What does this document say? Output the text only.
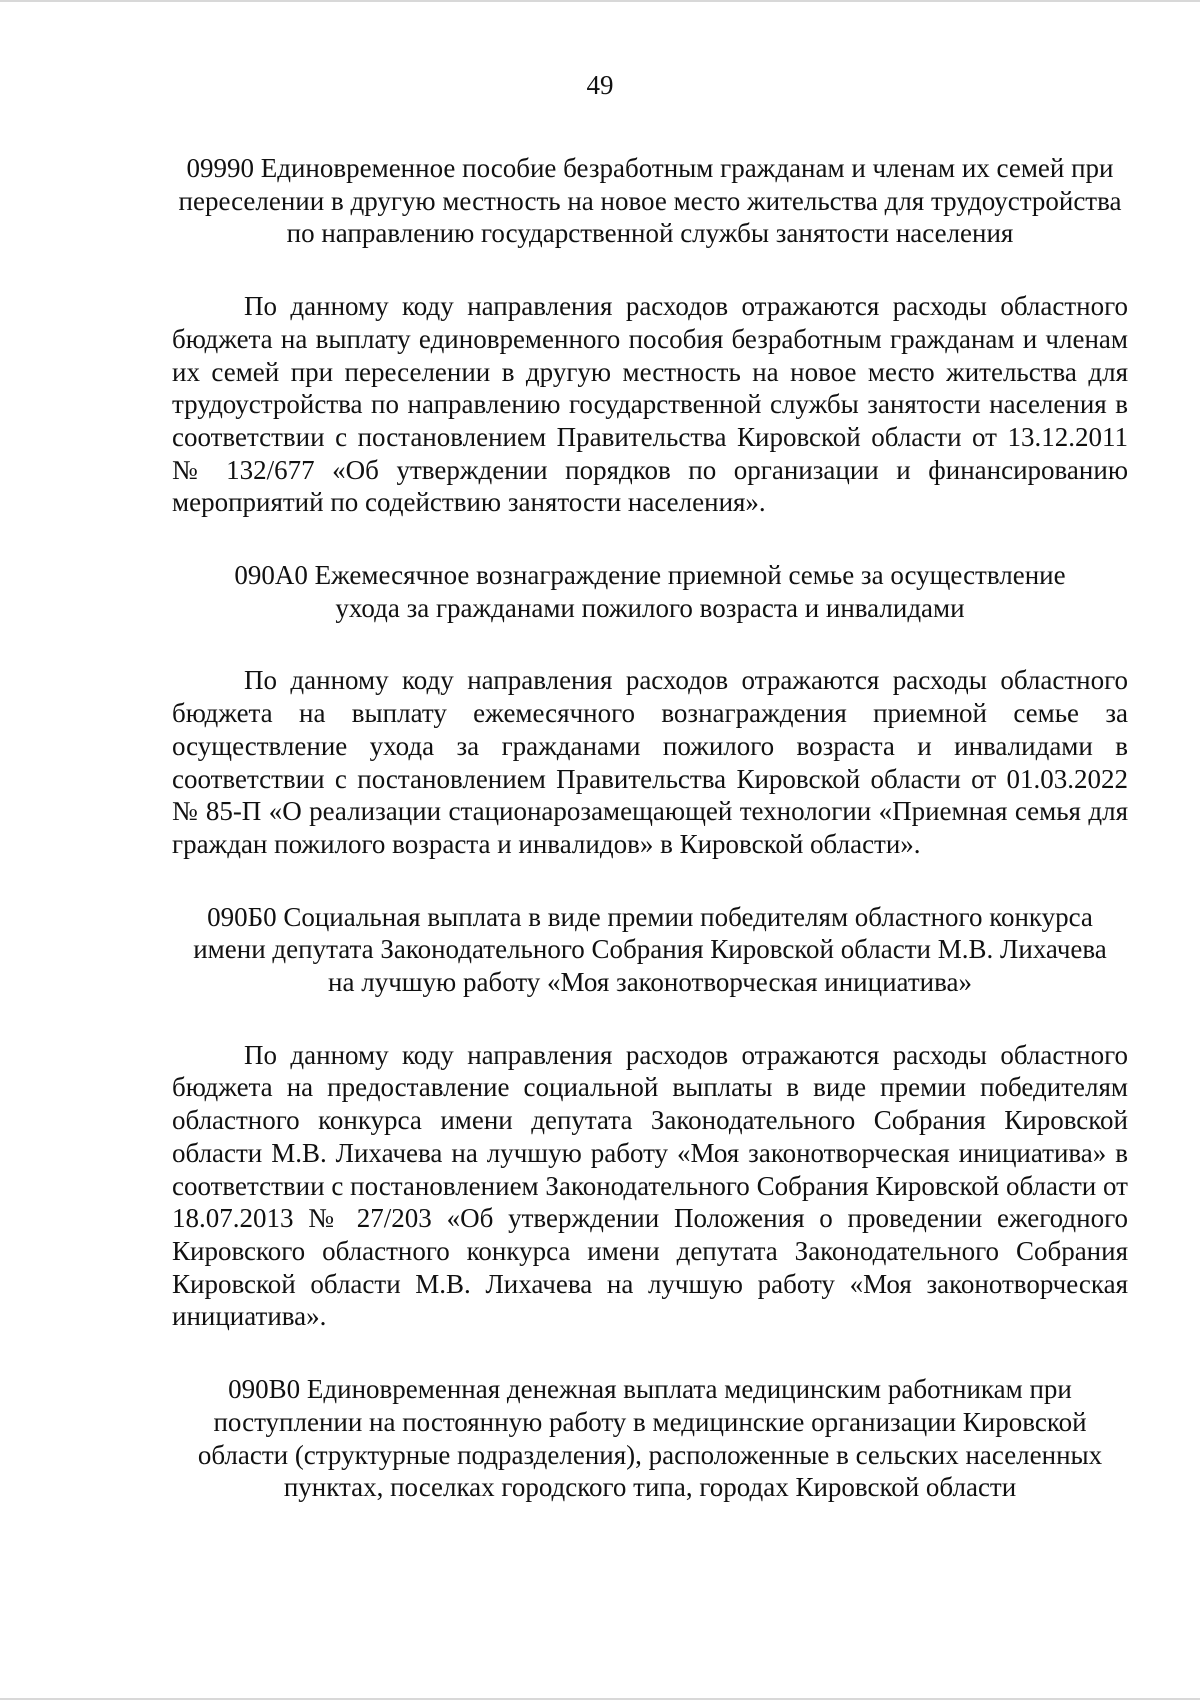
49

09990 Единовременное пособие безработным гражданам и членам их семей при переселении в другую местность на новое место жительства для трудоустройства по направлению государственной службы занятости населения

По данному коду направления расходов отражаются расходы областного бюджета на выплату единовременного пособия безработным гражданам и членам их семей при переселении в другую местность на новое место жительства для трудоустройства по направлению государственной службы занятости населения в соответствии с постановлением Правительства Кировской области от 13.12.2011 № 132/677 «Об утверждении порядков по организации и финансированию мероприятий по содействию занятости населения».

090А0 Ежемесячное вознаграждение приемной семье за осуществление ухода за гражданами пожилого возраста и инвалидами

По данному коду направления расходов отражаются расходы областного бюджета на выплату ежемесячного вознаграждения приемной семье за осуществление ухода за гражданами пожилого возраста и инвалидами в соответствии с постановлением Правительства Кировской области от 01.03.2022 № 85-П «О реализации стационарозамещающей технологии «Приемная семья для граждан пожилого возраста и инвалидов» в Кировской области».

090Б0 Социальная выплата в виде премии победителям областного конкурса имени депутата Законодательного Собрания Кировской области М.В. Лихачева на лучшую работу «Моя законотворческая инициатива»

По данному коду направления расходов отражаются расходы областного бюджета на предоставление социальной выплаты в виде премии победителям областного конкурса имени депутата Законодательного Собрания Кировской области М.В. Лихачева на лучшую работу «Моя законотворческая инициатива» в соответствии с постановлением Законодательного Собрания Кировской области от 18.07.2013 № 27/203 «Об утверждении Положения о проведении ежегодного Кировского областного конкурса имени депутата Законодательного Собрания Кировской области М.В. Лихачева на лучшую работу «Моя законотворческая инициатива».

090В0 Единовременная денежная выплата медицинским работникам при поступлении на постоянную работу в медицинские организации Кировской области (структурные подразделения), расположенные в сельских населенных пунктах, поселках городского типа, городах Кировской области
